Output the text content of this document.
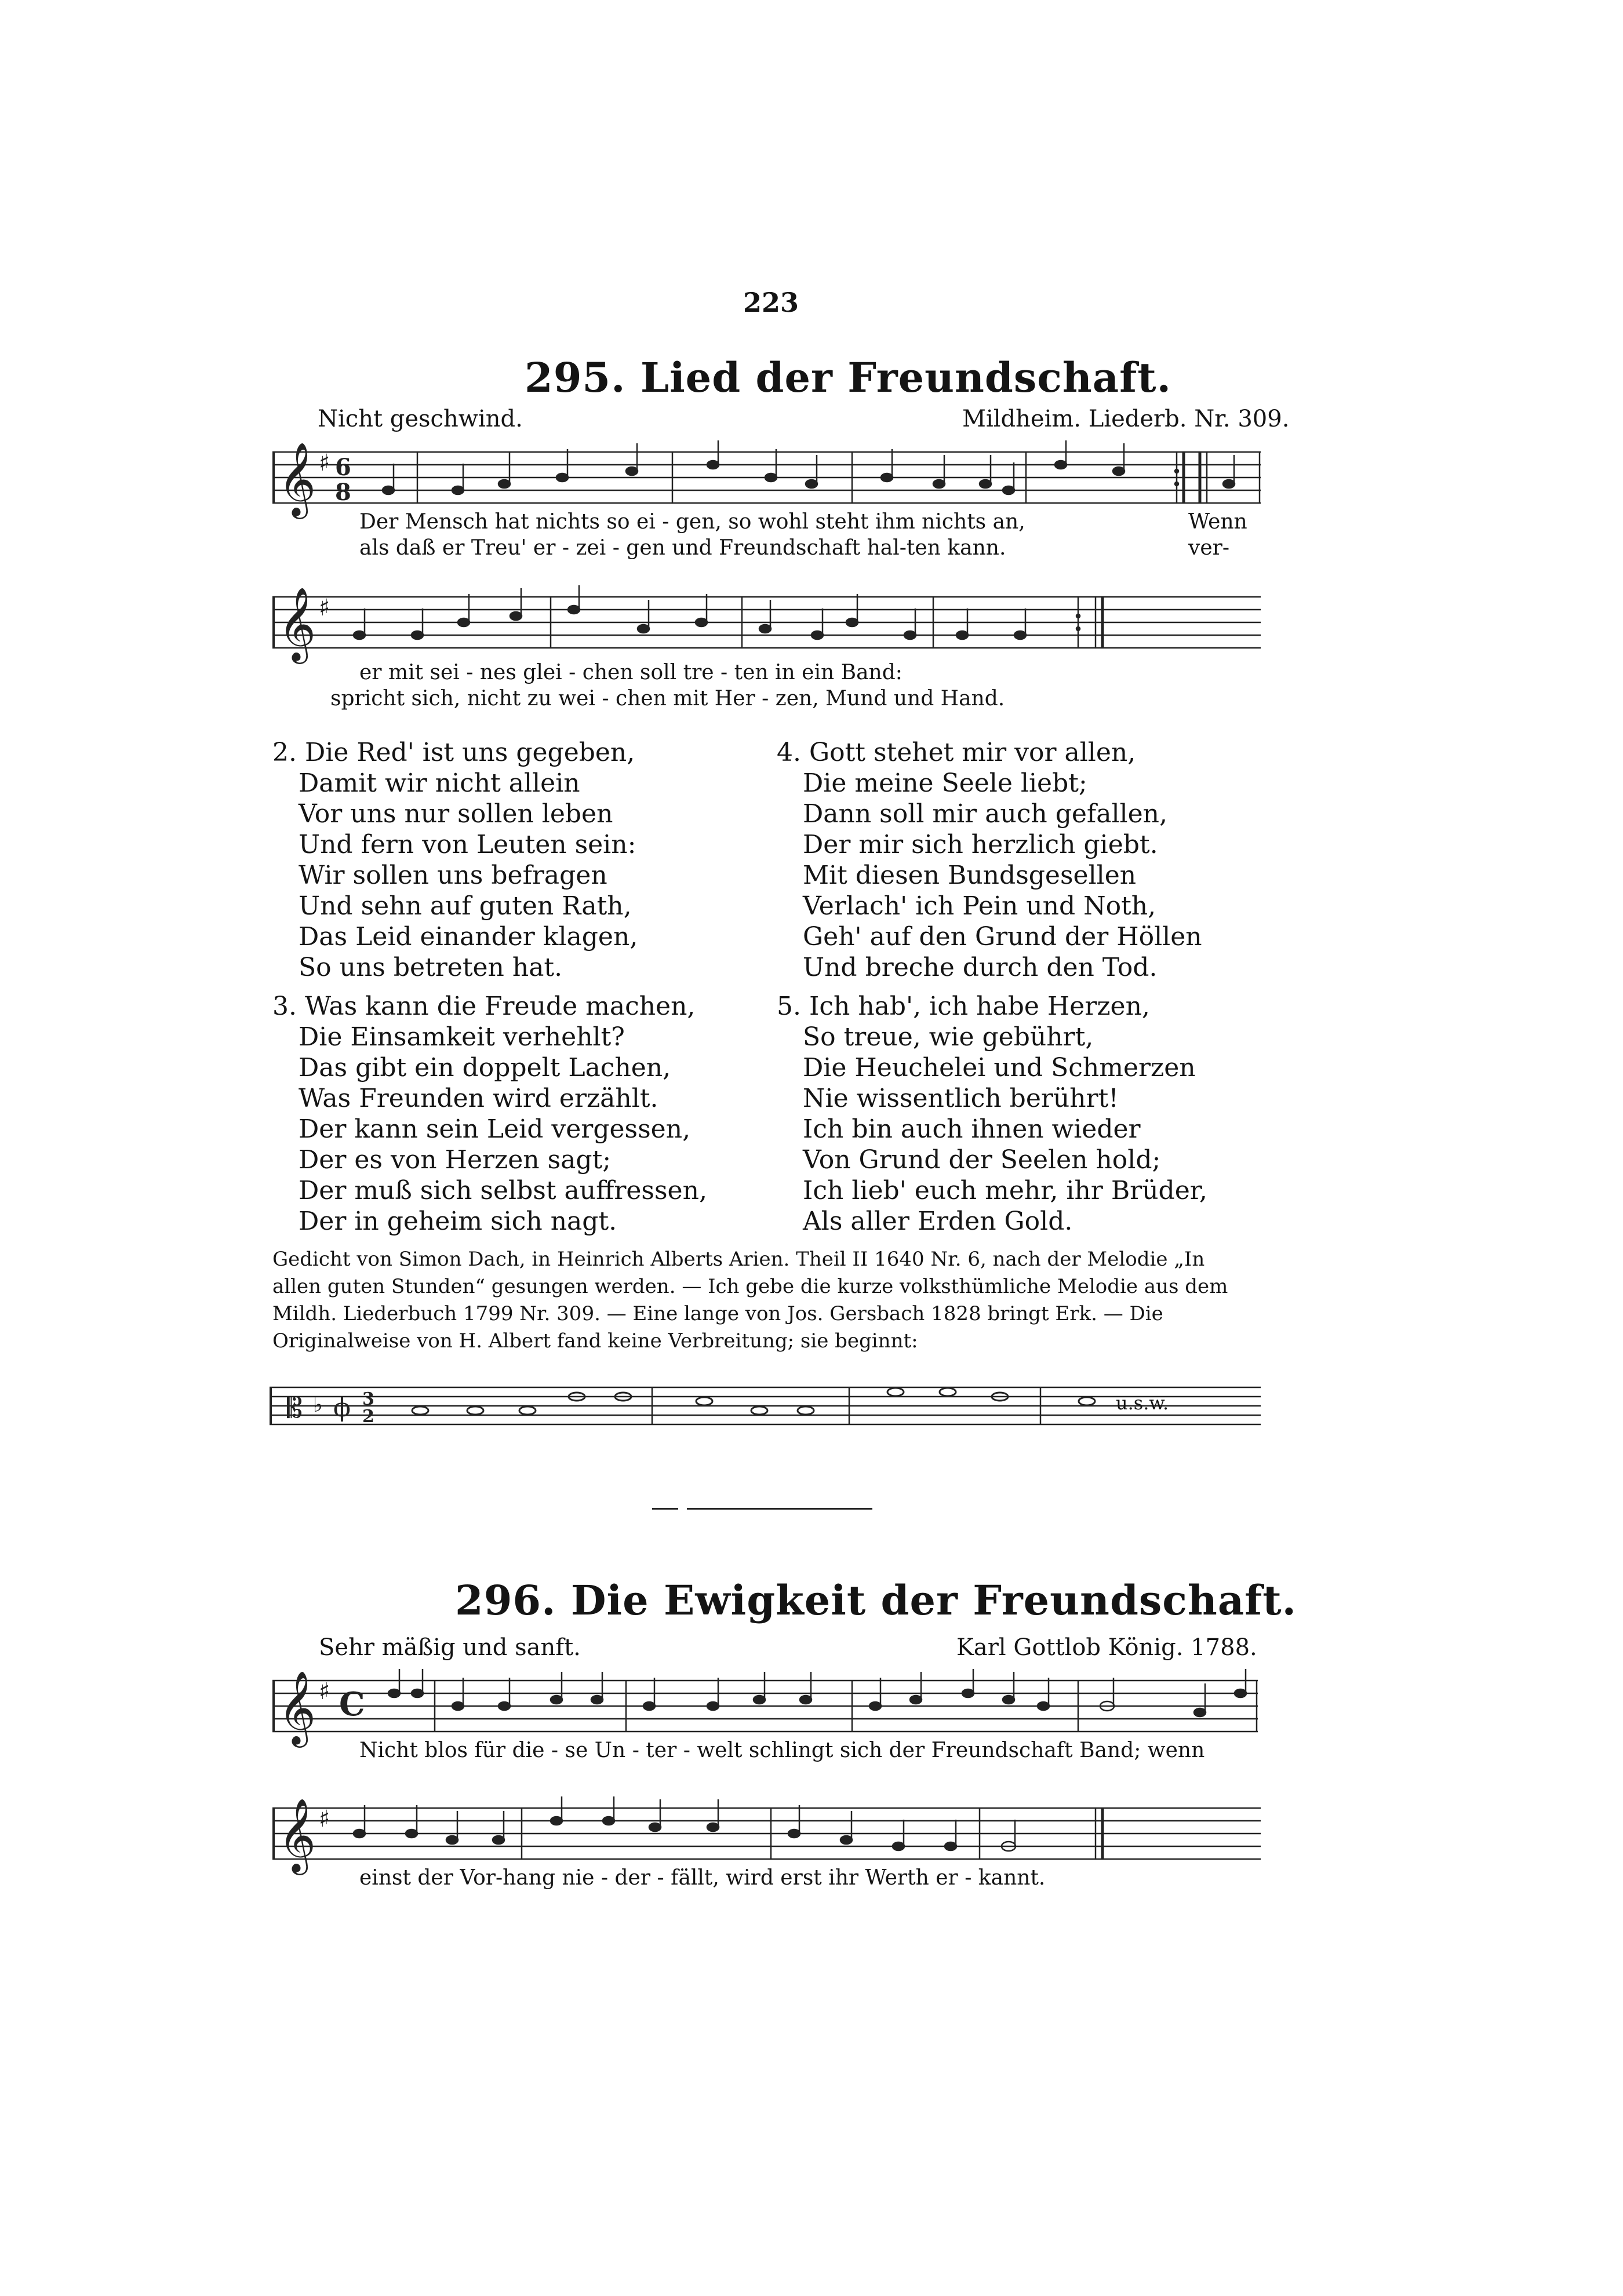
223
295. Lied der Freundschaft.
Nicht geschwind.	Mildheim. Liederb. Nr. 309.
𝄞 ♯ 6
8
Der Mensch hat nichts so ei - gen, so wohl steht ihm nichts an,
als daß er Treu' er - zei - gen und Freundschaft hal-ten kann.
Wenn
ver-
𝄞 ♯
er mit sei - nes glei - chen soll tre - ten in ein Band:
spricht sich, nicht zu wei - chen mit Her - zen, Mund und Hand.
2. Die Red' ist uns gegeben,
Damit wir nicht allein
Vor uns nur sollen leben
Und fern von Leuten sein:
Wir sollen uns befragen
Und sehn auf guten Rath,
Das Leid einander klagen,
So uns betreten hat.
3. Was kann die Freude machen,
Die Einsamkeit verhehlt?
Das gibt ein doppelt Lachen,
Was Freunden wird erzählt.
Der kann sein Leid vergessen,
Der es von Herzen sagt;
Der muß sich selbst auffressen,
Der in geheim sich nagt.
4. Gott stehet mir vor allen,
Die meine Seele liebt;
Dann soll mir auch gefallen,
Der mir sich herzlich giebt.
Mit diesen Bundsgesellen
Verlach' ich Pein und Noth,
Geh' auf den Grund der Höllen
Und breche durch den Tod.
5. Ich hab', ich habe Herzen,
So treue, wie gebührt,
Die Heuchelei und Schmerzen
Nie wissentlich berührt!
Ich bin auch ihnen wieder
Von Grund der Seelen hold;
Ich lieb' euch mehr, ihr Brüder,
Als aller Erden Gold.
Gedicht von Simon Dach, in Heinrich Alberts Arien. Theil II 1640 Nr. 6, nach der Melodie „In allen guten Stunden“ gesungen werden. — Ich gebe die kurze volksthümliche Melodie aus dem Mildh. Liederbuch 1799 Nr. 309. — Eine lange von Jos. Gersbach 1828 bringt Erk. — Die Originalweise von H. Albert fand keine Verbreitung; sie beginnt:
𝄡 ♭ ϕ 3
2
u.s.w.
296. Die Ewigkeit der Freundschaft.
Sehr mäßig und sanft.	Karl Gottlob König. 1788.
𝄞 ♯ C
Nicht blos für die - se Un - ter - welt schlingt sich der Freundschaft Band; wenn
𝄞 ♯
einst der Vor-hang nie - der - fällt, wird erst ihr Werth er - kannt.
